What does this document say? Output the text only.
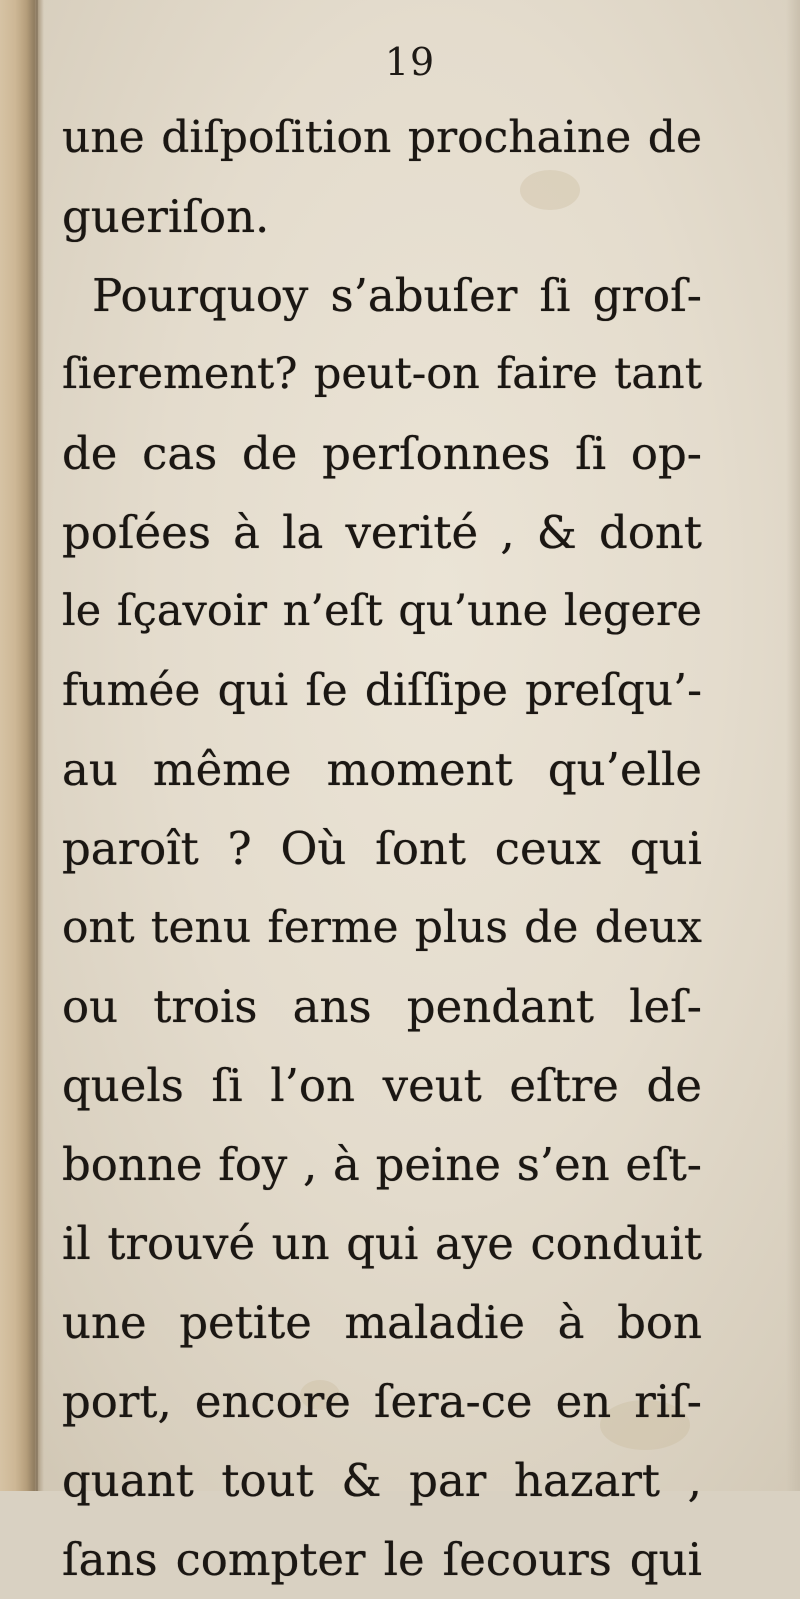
19
une diſpoſition prochaine de
gueriſon.
Pourquoy s’abuſer ſi groſ-
ſierement? peut-on faire tant
de cas de perſonnes ſi op-
poſées à la verité , & dont
le ſçavoir n’eſt qu’une legere
fumée qui ſe diſſipe preſqu’-
au même moment qu’elle
paroît ? Où ſont ceux qui
ont tenu ferme plus de deux
ou trois ans pendant leſ-
quels ſi l’on veut eſtre de
bonne foy , à peine s’en eſt-
il trouvé un qui aye conduit
une petite maladie à bon
port, encore ſera-ce en riſ-
quant tout & par hazart ,
ſans compter le ſecours qui
